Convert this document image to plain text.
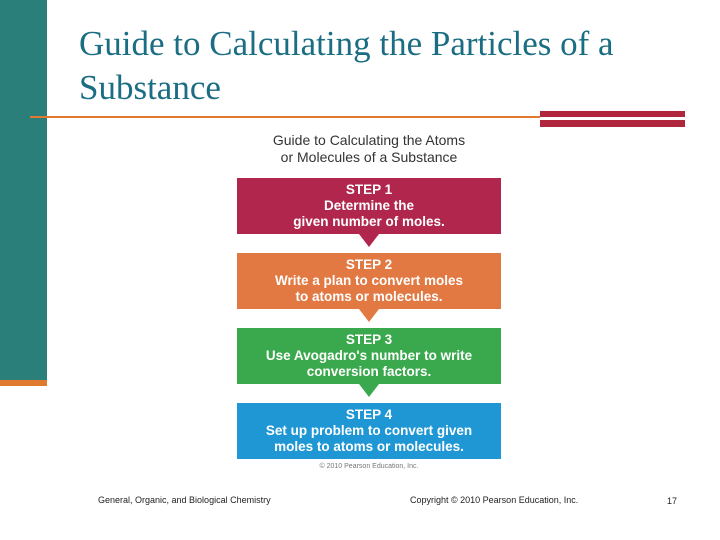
Guide to Calculating the Particles of a Substance
Guide to Calculating the Atoms
or Molecules of a Substance
STEP 1
Determine the
given number of moles.
STEP 2
Write a plan to convert moles
to atoms or molecules.
STEP 3
Use Avogadro's number to write
conversion factors.
STEP 4
Set up problem to convert given
moles to atoms or molecules.
© 2010 Pearson Education, Inc.
General, Organic, and Biological Chemistry	Copyright © 2010 Pearson Education, Inc.	17
